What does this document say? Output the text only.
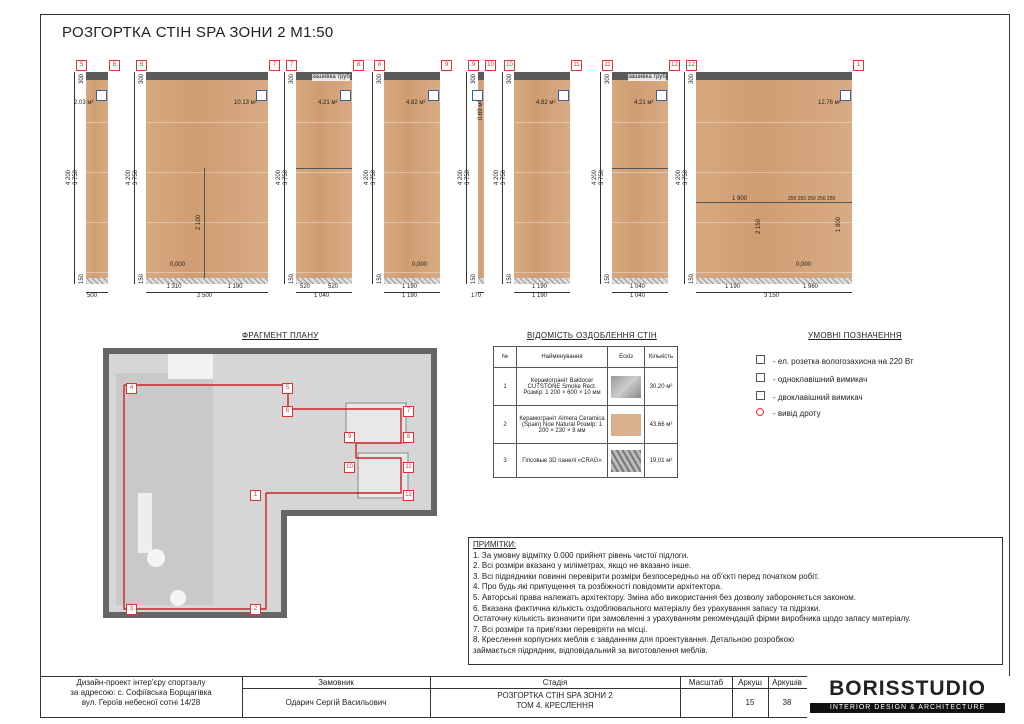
РОЗГОРТКА СТІН SPA ЗОНИ 2 М1:50
5	6
2.03 м²
500
4 200 3 750
150
300
6	7
10.13 м²
2 500
1 310	1 190
4 200 3 750
150
300
7	8
4.21 м²
зашивка труб
1 040
520	520
4 200 3 750
150
300
8	9
4.82 м²
1 190
1 190
4 200 3 750
150
300
9	10
0.69 м²
170
4 200 3 750
150
300
10	11
4.82 м²
1 190
1 190
4 200 3 750
150
300
11	12
4.21 м²
зашивка труб
1 040
1 040
4 200 3 750
150
300
12	1
12.76 м²
3 150
1 190	1 960
4 200 3 750
150
300
0,000	0,000	0,000
2 100
1 900	250 250 250 250 250
2 150	1 800
ФРАГМЕНТ ПЛАНУ
4	5
6	7
8
9
10	11
12
1
2
3
ВІДОМІСТЬ ОЗДОБЛЕННЯ СТІН
№	Найменування	Ескіз	Кількість
1	Керамограніт Baldocer CUTSTONE Smoke Rect. Розмір: 1 200 × 600 × 10 мм		30,20 м²
2	Керамограніт Almera Ceramica (Spain) Noe Natural Розмір: 1 200 × 230 × 8 мм		43,66 м²
3	Гіпсовые 3D панелі «CRAG»		19,01 м²
УМОВНІ ПОЗНАЧЕННЯ
- ел. розетка вологозахисна на 220 Вт
- одноклавішний вимикач
- двоклавішний вимикач
- вивід дроту
ПРИМІТКИ:
1. За умовну відмітку 0.000 прийнят рівень чистої підлоги.
2. Всі розміри вказано у міліметрах, якщо не вказано інше.
3. Всі підрядники повинні перевірити розміри безпосередньо на об'єкті перед початком робіт.
4. Про будь які припущення та розбіжності повідомити архітектора.
5. Авторські права належать архітектору. Зміна або використання без дозволу забороняється законом.
6. Вказана фактична кількість оздоблювального матеріалу без урахування запасу та підрізки.
Остаточну кількість визначити при замовленні з урахуванням рекомендацій фірми виробника щодо запасу матеріалу.
7. Всі розміри та прив'язки перевіряти на місці.
8. Креслення корпусних меблів є завданням для проектування. Детальною розробкою
займається підрядник, відповідальний за виготовлення меблів.
Дизайн-проект інтер'єру спортзалу
за адресою: с. Софіївська Борщагівка
вул. Героїв небесної сотні 14/28
Замовник
Одарич Сергій Васильович
Стадія
РОЗГОРТКА СТІН SPA ЗОНИ 2
ТОМ 4. КРЕСЛЕННЯ
Масштаб	Аркуш	Аркушів
15	38
BORISSTUDIO
INTERIOR DESIGN & ARCHITECTURE
